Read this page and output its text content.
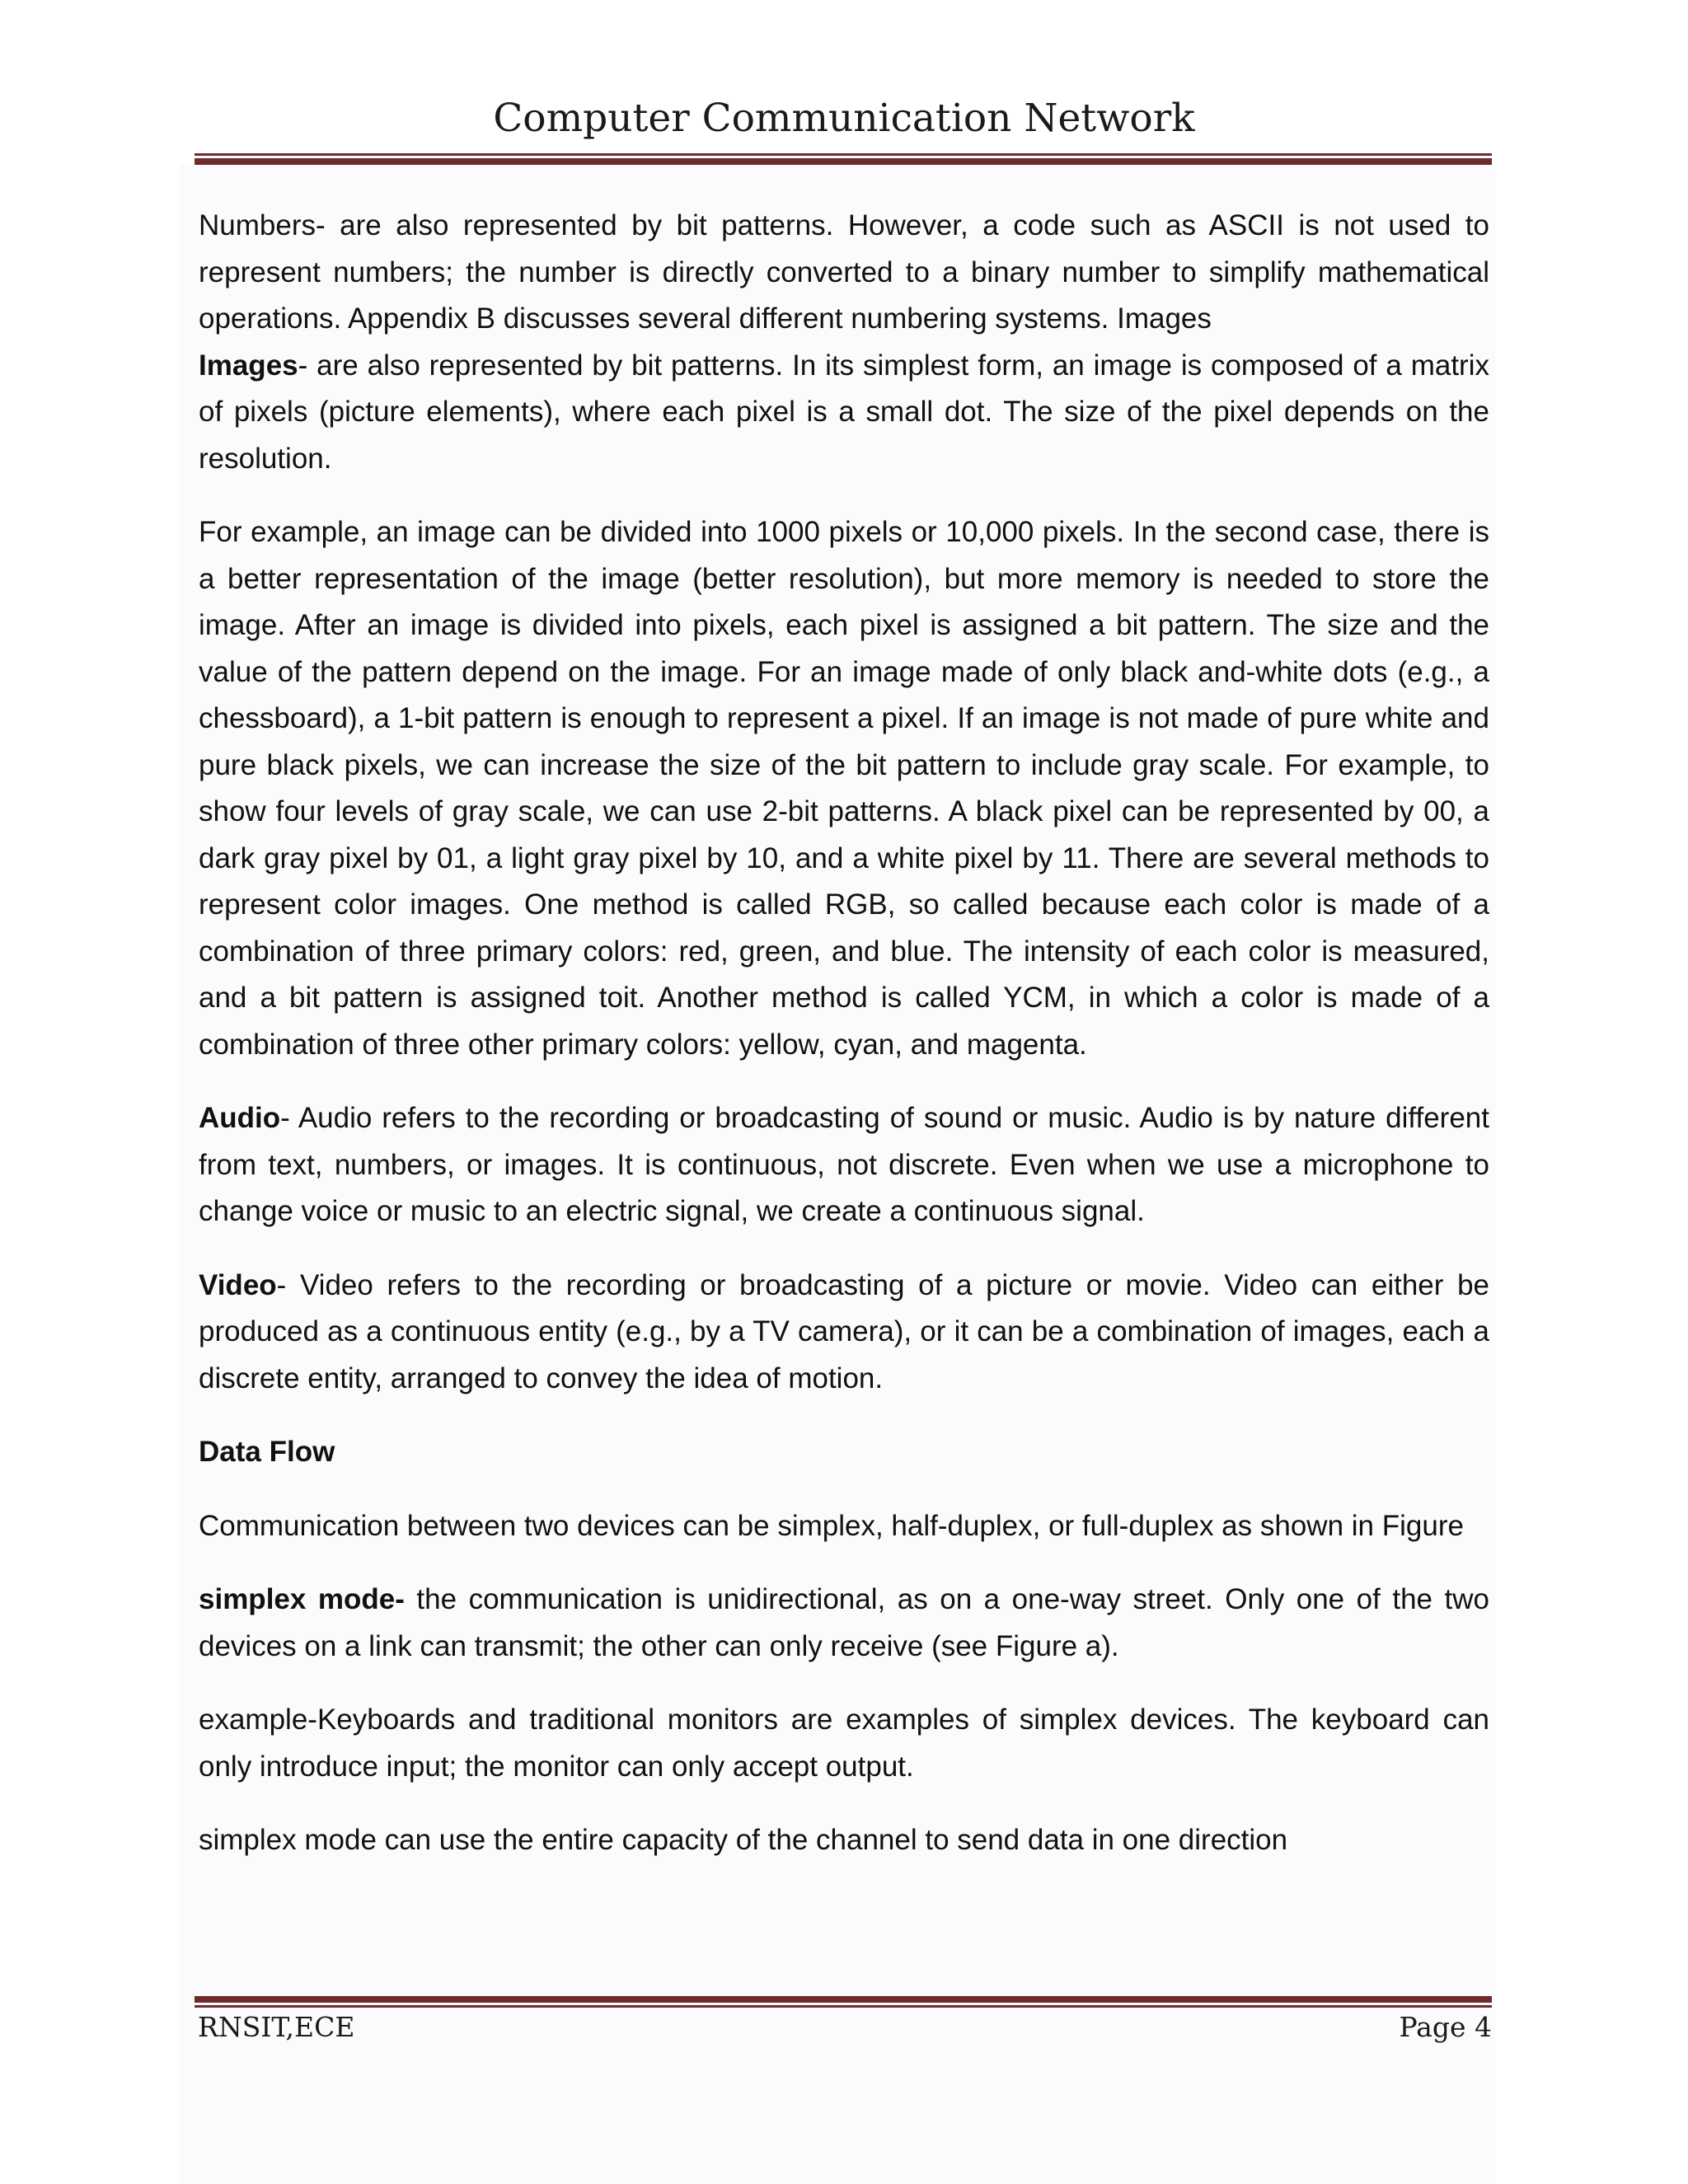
Computer Communication Network

Numbers- are also represented by bit patterns. However, a code such as ASCII is not used to represent numbers; the number is directly converted to a binary number to simplify mathematical operations. Appendix B discusses several different numbering systems. Images
Images- are also represented by bit patterns. In its simplest form, an image is composed of a matrix of pixels (picture elements), where each pixel is a small dot. The size of the pixel depends on the resolution.

For example, an image can be divided into 1000 pixels or 10,000 pixels. In the second case, there is a better representation of the image (better resolution), but more memory is needed to store the image. After an image is divided into pixels, each pixel is assigned a bit pattern. The size and the value of the pattern depend on the image. For an image made of only black and-white dots (e.g., a chessboard), a 1-bit pattern is enough to represent a pixel. If an image is not made of pure white and pure black pixels, we can increase the size of the bit pattern to include gray scale. For example, to show four levels of gray scale, we can use 2-bit patterns. A black pixel can be represented by 00, a dark gray pixel by 01, a light gray pixel by 10, and a white pixel by 11. There are several methods to represent color images. One method is called RGB, so called because each color is made of a combination of three primary colors: red, green, and blue. The intensity of each color is measured, and a bit pattern is assigned toit. Another method is called YCM, in which a color is made of a combination of three other primary colors: yellow, cyan, and magenta.

Audio- Audio refers to the recording or broadcasting of sound or music. Audio is by nature different from text, numbers, or images. It is continuous, not discrete. Even when we use a microphone to change voice or music to an electric signal, we create a continuous signal.

Video- Video refers to the recording or broadcasting of a picture or movie. Video can either be produced as a continuous entity (e.g., by a TV camera), or it can be a combination of images, each a discrete entity, arranged to convey the idea of motion.

Data Flow

Communication between two devices can be simplex, half-duplex, or full-duplex as shown in Figure

simplex mode- the communication is unidirectional, as on a one-way street. Only one of the two devices on a link can transmit; the other can only receive (see Figure a).

example-Keyboards and traditional monitors are examples of simplex devices. The keyboard can only introduce input; the monitor can only accept output.

simplex mode can use the entire capacity of the channel to send data in one direction

RNSIT,ECE	Page 4
